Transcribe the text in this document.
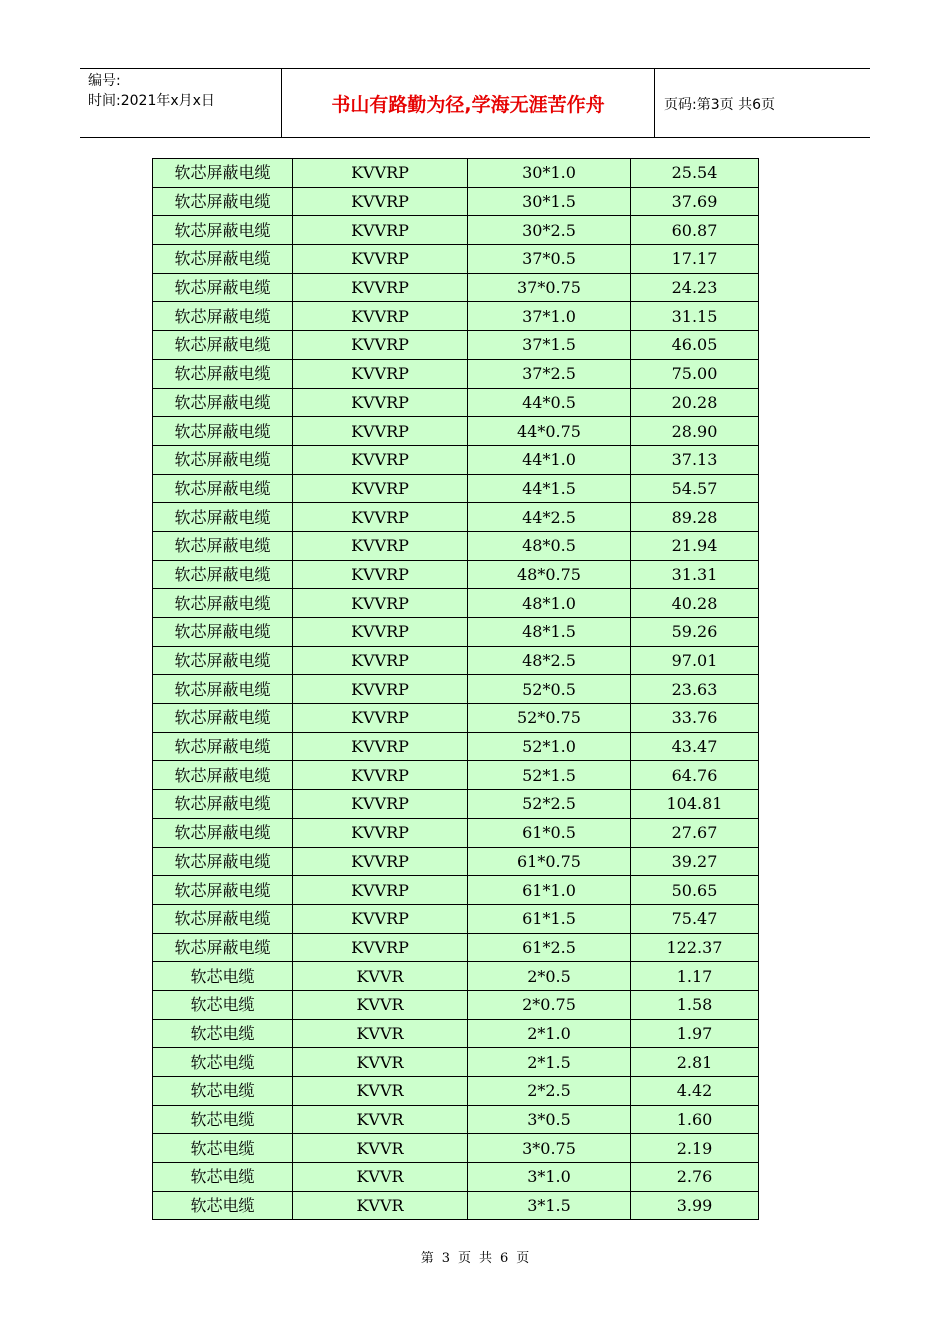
编号:
时间:2021年x月x日	书山有路勤为径,学海无涯苦作舟	页码:第3页 共6页
软芯屏蔽电缆	KVVRP	30*1.0	25.54
软芯屏蔽电缆	KVVRP	30*1.5	37.69
软芯屏蔽电缆	KVVRP	30*2.5	60.87
软芯屏蔽电缆	KVVRP	37*0.5	17.17
软芯屏蔽电缆	KVVRP	37*0.75	24.23
软芯屏蔽电缆	KVVRP	37*1.0	31.15
软芯屏蔽电缆	KVVRP	37*1.5	46.05
软芯屏蔽电缆	KVVRP	37*2.5	75.00
软芯屏蔽电缆	KVVRP	44*0.5	20.28
软芯屏蔽电缆	KVVRP	44*0.75	28.90
软芯屏蔽电缆	KVVRP	44*1.0	37.13
软芯屏蔽电缆	KVVRP	44*1.5	54.57
软芯屏蔽电缆	KVVRP	44*2.5	89.28
软芯屏蔽电缆	KVVRP	48*0.5	21.94
软芯屏蔽电缆	KVVRP	48*0.75	31.31
软芯屏蔽电缆	KVVRP	48*1.0	40.28
软芯屏蔽电缆	KVVRP	48*1.5	59.26
软芯屏蔽电缆	KVVRP	48*2.5	97.01
软芯屏蔽电缆	KVVRP	52*0.5	23.63
软芯屏蔽电缆	KVVRP	52*0.75	33.76
软芯屏蔽电缆	KVVRP	52*1.0	43.47
软芯屏蔽电缆	KVVRP	52*1.5	64.76
软芯屏蔽电缆	KVVRP	52*2.5	104.81
软芯屏蔽电缆	KVVRP	61*0.5	27.67
软芯屏蔽电缆	KVVRP	61*0.75	39.27
软芯屏蔽电缆	KVVRP	61*1.0	50.65
软芯屏蔽电缆	KVVRP	61*1.5	75.47
软芯屏蔽电缆	KVVRP	61*2.5	122.37
软芯电缆	KVVR	2*0.5	1.17
软芯电缆	KVVR	2*0.75	1.58
软芯电缆	KVVR	2*1.0	1.97
软芯电缆	KVVR	2*1.5	2.81
软芯电缆	KVVR	2*2.5	4.42
软芯电缆	KVVR	3*0.5	1.60
软芯电缆	KVVR	3*0.75	2.19
软芯电缆	KVVR	3*1.0	2.76
软芯电缆	KVVR	3*1.5	3.99
第 3 页 共 6 页
